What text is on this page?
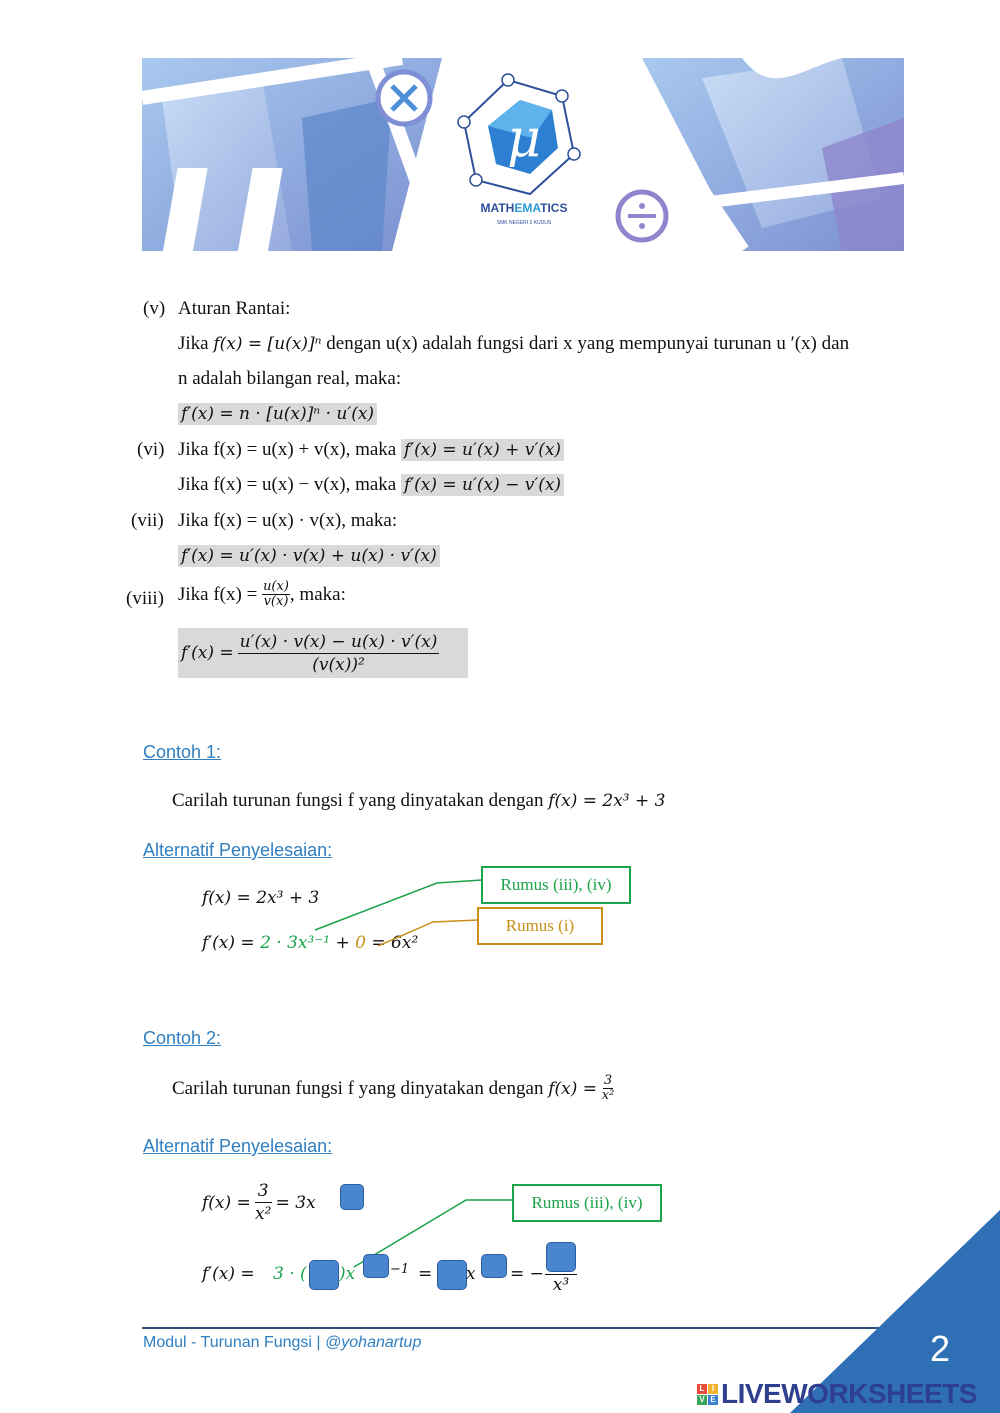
μ
MATHEMATICS
SMK NEGERI 2 KUDUS
(v) Aturan Rantai:
Jika f(x) = [u(x)]ⁿ dengan u(x) adalah fungsi dari x yang mempunyai turunan u ′(x) dan
n adalah bilangan real, maka:
f′(x) = n · [u(x)]ⁿ · u′(x)
(vi) Jika f(x) = u(x) + v(x), maka f′(x) = u′(x) + v′(x)
Jika f(x) = u(x) − v(x), maka f′(x) = u′(x) − v′(x)
(vii) Jika f(x) = u(x) · v(x), maka:
f′(x) = u′(x) · v(x) + u(x) · v′(x)
(viii) Jika f(x) =
$\frac{u(x)}{v(x)}$ , maka:
$f'(x) = \frac{u'(x) \cdot v(x) - u(x) \cdot v'(x)}{\text{(v(x))²}}$
Contoh 1:
Carilah turunan fungsi f yang dinyatakan dengan f(x) = 2x³ + 3
Alternatif Penyelesaian:
f(x) = 2x³ + 3
f′(x) = 2 · 3x³⁻¹ + 0 = 6x²
Rumus (iii), (iv)
Rumus (i)
Contoh 2:
Carilah turunan fungsi f yang dinyatakan dengan
f(x) =
$\frac{3}{\text{x²}}$
Alternatif Penyelesaian:
f(x) =
$\frac{3}{\text{x²}}$
= 3x	Rumus (iii), (iv)
f′(x) = 3 · ( )x	−1 = x = −
x³
Modul - Turunan Fungsi | @yohanartup	2
L I
V E LIVEWORKSHEETS
